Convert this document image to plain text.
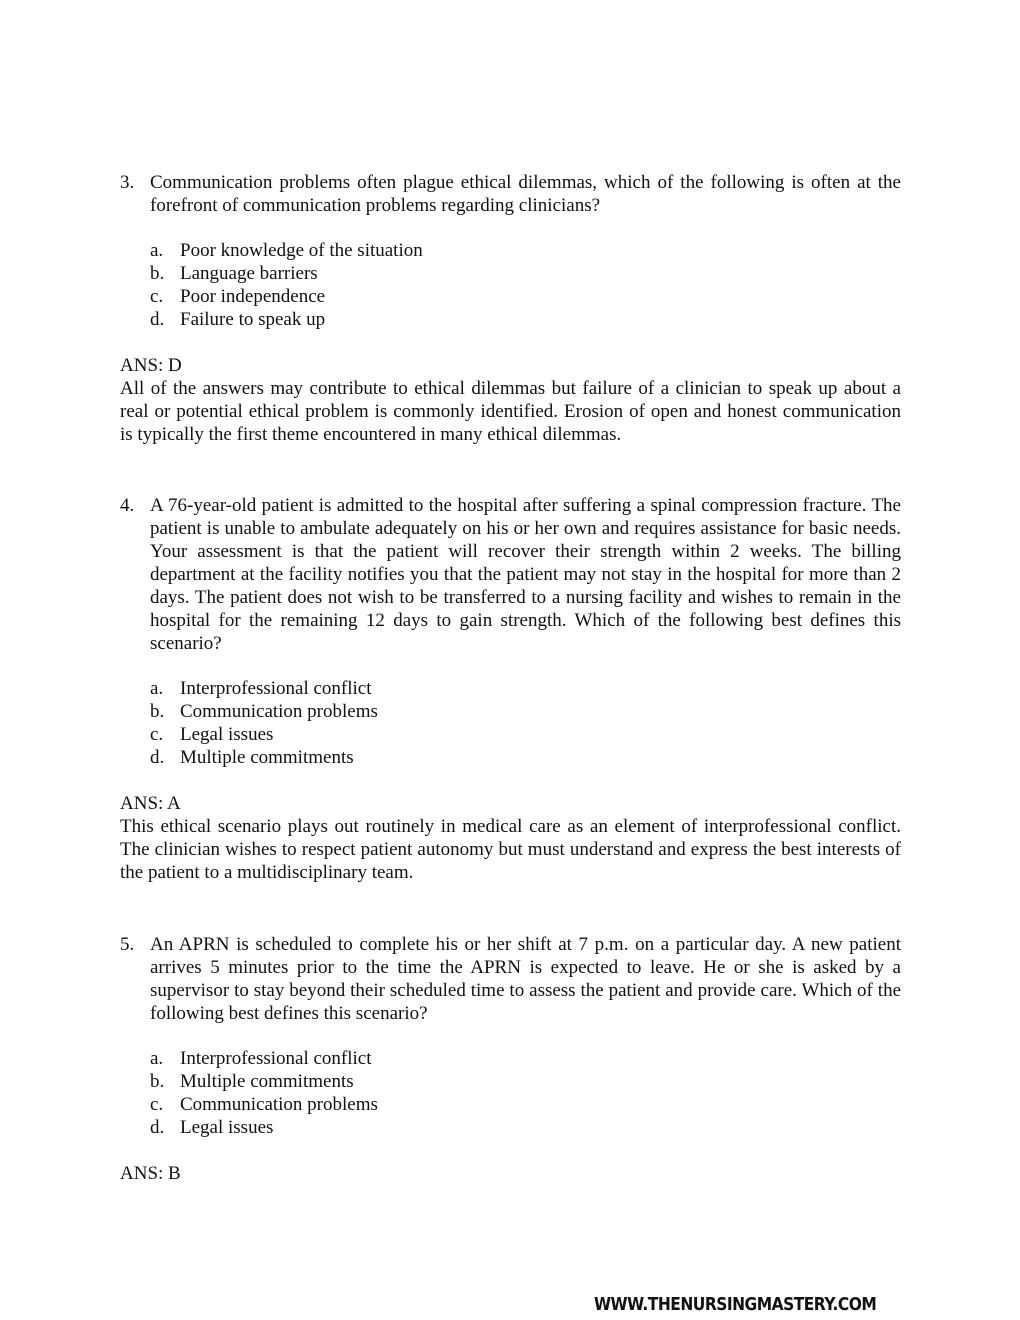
3. Communication problems often plague ethical dilemmas, which of the following is often at the forefront of communication problems regarding clinicians?
a. Poor knowledge of the situation
b. Language barriers
c. Poor independence
d. Failure to speak up
ANS: D
All of the answers may contribute to ethical dilemmas but failure of a clinician to speak up about a real or potential ethical problem is commonly identified. Erosion of open and honest communication is typically the first theme encountered in many ethical dilemmas.
4. A 76-year-old patient is admitted to the hospital after suffering a spinal compression fracture. The patient is unable to ambulate adequately on his or her own and requires assistance for basic needs. Your assessment is that the patient will recover their strength within 2 weeks. The billing department at the facility notifies you that the patient may not stay in the hospital for more than 2 days. The patient does not wish to be transferred to a nursing facility and wishes to remain in the hospital for the remaining 12 days to gain strength. Which of the following best defines this scenario?
a. Interprofessional conflict
b. Communication problems
c. Legal issues
d. Multiple commitments
ANS: A
This ethical scenario plays out routinely in medical care as an element of interprofessional conflict. The clinician wishes to respect patient autonomy but must understand and express the best interests of the patient to a multidisciplinary team.
5. An APRN is scheduled to complete his or her shift at 7 p.m. on a particular day. A new patient arrives 5 minutes prior to the time the APRN is expected to leave. He or she is asked by a supervisor to stay beyond their scheduled time to assess the patient and provide care. Which of the following best defines this scenario?
a. Interprofessional conflict
b. Multiple commitments
c. Communication problems
d. Legal issues
ANS: B
WWW.THENURSINGMASTERY.COM
